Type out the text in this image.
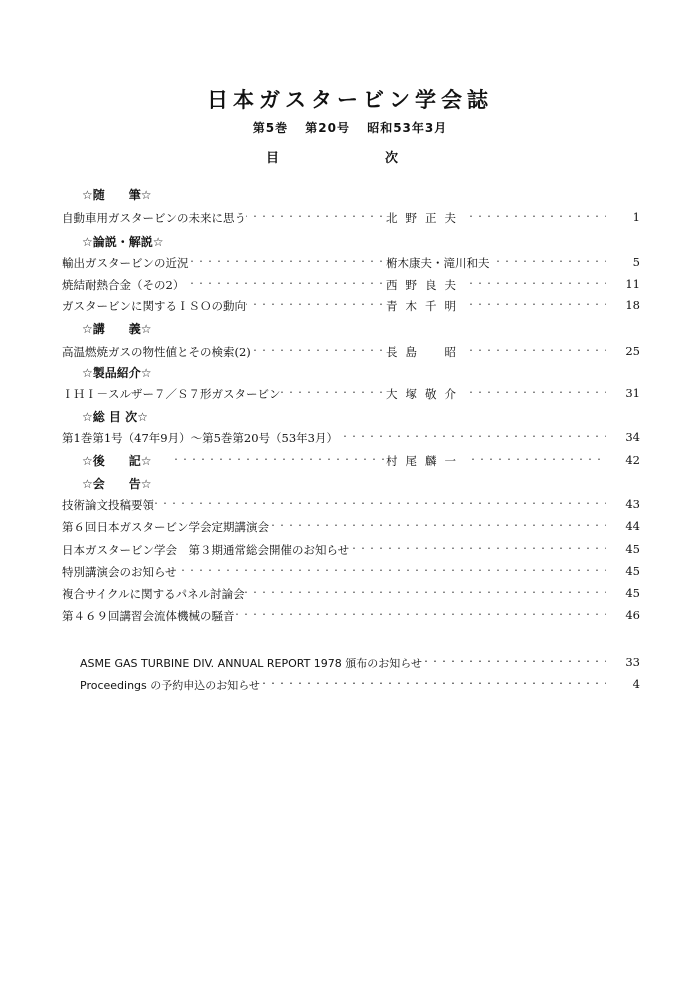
日本ガスタービン学会誌
第5巻 第20号 昭和53年3月
目	次
☆随　　筆☆
・・・・・・・・・・・・・・・・・・・・・・・・・・・・・・・・・・・・・・・・・・・・・・・・・・・・・・・・・・・・・・・・・・・・・・・・・・・・・・・・・・・・・・・・・・・・・・・・・・・・・・・・・・・・・・・・・・・・
自動車用ガスタービンの未来に思う	北野正夫	1
☆論説・解説☆
・・・・・・・・・・・・・・・・・・・・・・・・・・・・・・・・・・・・・・・・・・・・・・・・・・・・・・・・・・・・・・・・・・・・・・・・・・・・・・・・・・・・・・・・・・・・・・・・・・・・・・・・・・・・・・・・・・・・
輸出ガスタービンの近況	椨木康夫・滝川和夫	5
・・・・・・・・・・・・・・・・・・・・・・・・・・・・・・・・・・・・・・・・・・・・・・・・・・・・・・・・・・・・・・・・・・・・・・・・・・・・・・・・・・・・・・・・・・・・・・・・・・・・・・・・・・・・・・・・・・・・
焼結耐熱合金（その2）	西野良夫	11
・・・・・・・・・・・・・・・・・・・・・・・・・・・・・・・・・・・・・・・・・・・・・・・・・・・・・・・・・・・・・・・・・・・・・・・・・・・・・・・・・・・・・・・・・・・・・・・・・・・・・・・・・・・・・・・・・・・・
ガスタービンに関するＩＳＯの動向	青木千明	18
☆講　　義☆
・・・・・・・・・・・・・・・・・・・・・・・・・・・・・・・・・・・・・・・・・・・・・・・・・・・・・・・・・・・・・・・・・・・・・・・・・・・・・・・・・・・・・・・・・・・・・・・・・・・・・・・・・・・・・・・・・・・・
高温燃焼ガスの物性値とその検索(2)	長島　昭	25
☆製品紹介☆
・・・・・・・・・・・・・・・・・・・・・・・・・・・・・・・・・・・・・・・・・・・・・・・・・・・・・・・・・・・・・・・・・・・・・・・・・・・・・・・・・・・・・・・・・・・・・・・・・・・・・・・・・・・・・・・・・・・・
ＩＨＩ－スルザー７／Ｓ７形ガスタービン	大塚敬介	31
☆総 目 次☆
・・・・・・・・・・・・・・・・・・・・・・・・・・・・・・・・・・・・・・・・・・・・・・・・・・・・・・・・・・・・・・・・・・・・・・・・・・・・・・・・・・・・・・・・・・・・・・・・・・・・・・・・・・・・・・・・・・・・
第1巻第1号（47年9月）～第5巻第20号（53年3月）	34
・・・・・・・・・・・・・・・・・・・・・・・・・・・・・・・・・・・・・・・・・・・・・・・・・・・・・・・・・・・・・・・・・・・・・・・・・・・・・・・・・・・・・・・・・・・・・・・・・・・・・・・・・・・・・・・・・・・・
☆後　　記☆	村尾麟一	42
☆会　　告☆
・・・・・・・・・・・・・・・・・・・・・・・・・・・・・・・・・・・・・・・・・・・・・・・・・・・・・・・・・・・・・・・・・・・・・・・・・・・・・・・・・・・・・・・・・・・・・・・・・・・・・・・・・・・・・・・・・・・・
技術論文投稿要領	43
・・・・・・・・・・・・・・・・・・・・・・・・・・・・・・・・・・・・・・・・・・・・・・・・・・・・・・・・・・・・・・・・・・・・・・・・・・・・・・・・・・・・・・・・・・・・・・・・・・・・・・・・・・・・・・・・・・・・
第６回日本ガスタービン学会定期講演会	44
・・・・・・・・・・・・・・・・・・・・・・・・・・・・・・・・・・・・・・・・・・・・・・・・・・・・・・・・・・・・・・・・・・・・・・・・・・・・・・・・・・・・・・・・・・・・・・・・・・・・・・・・・・・・・・・・・・・・
日本ガスタービン学会　第３期通常総会開催のお知らせ	45
・・・・・・・・・・・・・・・・・・・・・・・・・・・・・・・・・・・・・・・・・・・・・・・・・・・・・・・・・・・・・・・・・・・・・・・・・・・・・・・・・・・・・・・・・・・・・・・・・・・・・・・・・・・・・・・・・・・・
特別講演会のお知らせ	45
・・・・・・・・・・・・・・・・・・・・・・・・・・・・・・・・・・・・・・・・・・・・・・・・・・・・・・・・・・・・・・・・・・・・・・・・・・・・・・・・・・・・・・・・・・・・・・・・・・・・・・・・・・・・・・・・・・・・
複合サイクルに関するパネル討論会	45
・・・・・・・・・・・・・・・・・・・・・・・・・・・・・・・・・・・・・・・・・・・・・・・・・・・・・・・・・・・・・・・・・・・・・・・・・・・・・・・・・・・・・・・・・・・・・・・・・・・・・・・・・・・・・・・・・・・・
第４６９回講習会流体機械の騒音	46
・・・・・・・・・・・・・・・・・・・・・・・・・・・・・・・・・・・・・・・・・・・・・・・・・・・・・・・・・・・・・・・・・・・・・・・・・・・・・・・・・・・・・・・・・・・・・・・・・・・・・・・・・・・・・・・・・・・・
ASME GAS TURBINE DIV. ANNUAL REPORT 1978 頒布のお知らせ	33
・・・・・・・・・・・・・・・・・・・・・・・・・・・・・・・・・・・・・・・・・・・・・・・・・・・・・・・・・・・・・・・・・・・・・・・・・・・・・・・・・・・・・・・・・・・・・・・・・・・・・・・・・・・・・・・・・・・・
Proceedings の予約申込のお知らせ	4
